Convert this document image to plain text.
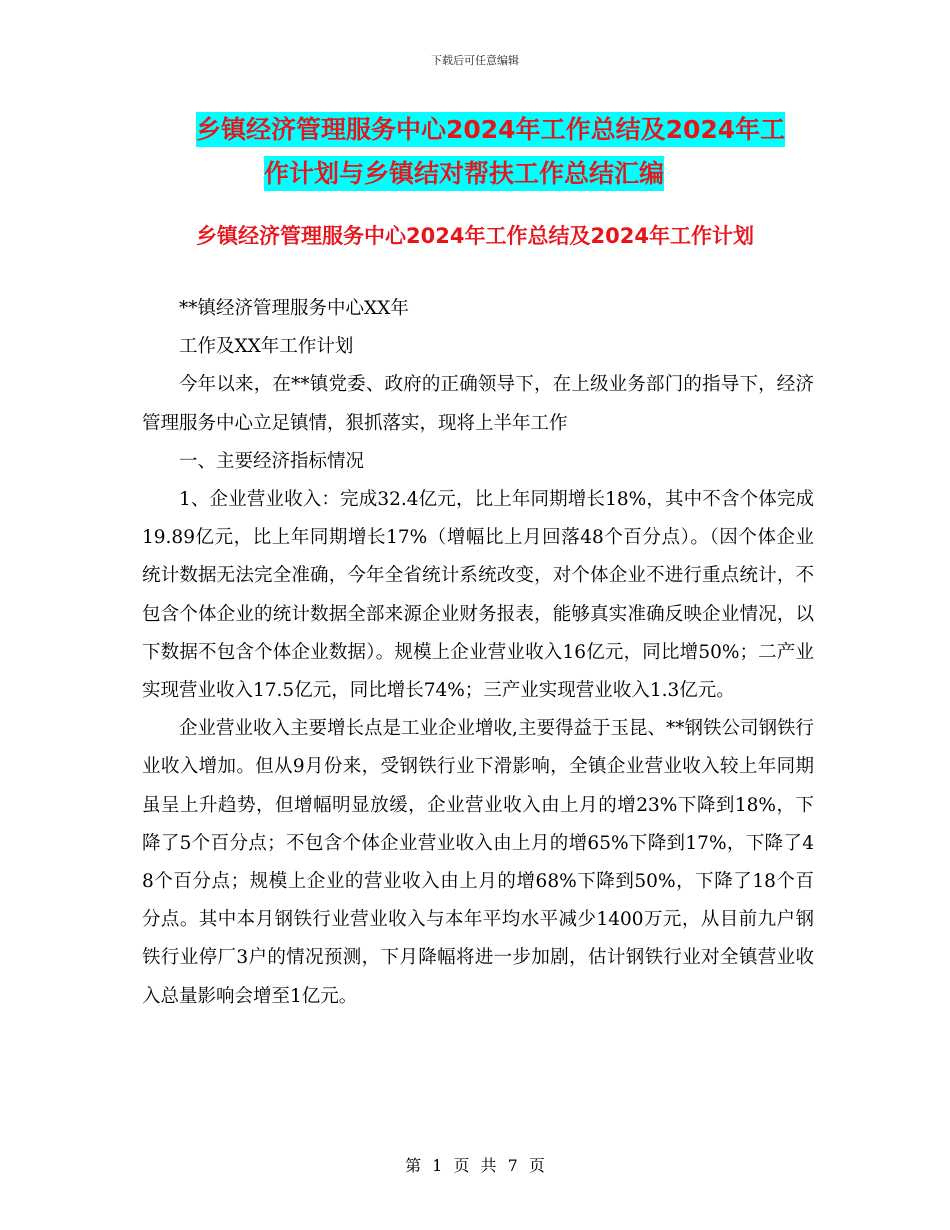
下载后可任意编辑
乡镇经济管理服务中心2024年工作总结及2024年工
作计划与乡镇结对帮扶工作总结汇编
乡镇经济管理服务中心2024年工作总结及2024年工作计划

**镇经济管理服务中心XX年

工作及XX年工作计划

今年以来，在**镇党委、政府的正确领导下，在上级业务部门的指导下，经济管理服务中心立足镇情，狠抓落实，现将上半年工作

一、主要经济指标情况

1、企业营业收入：完成32.4亿元，比上年同期增长18%，其中不含个体完成19.89亿元，比上年同期增长17%（增幅比上月回落48个百分点）。（因个体企业统计数据无法完全准确，今年全省统计系统改变，对个体企业不进行重点统计，不包含个体企业的统计数据全部来源企业财务报表，能够真实准确反映企业情况，以下数据不包含个体企业数据）。规模上企业营业收入16亿元，同比增50%；二产业实现营业收入17.5亿元，同比增长74%；三产业实现营业收入1.3亿元。

企业营业收入主要增长点是工业企业增收,主要得益于玉昆、**钢铁公司钢铁行业收入增加。但从9月份来，受钢铁行业下滑影响，全镇企业营业收入较上年同期虽呈上升趋势，但增幅明显放缓，企业营业收入由上月的增23%下降到18%，下降了5个百分点；不包含个体企业营业收入由上月的增65%下降到17%，下降了48个百分点；规模上企业的营业收入由上月的增68%下降到50%，下降了18个百分点。其中本月钢铁行业营业收入与本年平均水平减少1400万元，从目前九户钢铁行业停厂3户的情况预测，下月降幅将进一步加剧，估计钢铁行业对全镇营业收入总量影响会增至1亿元。

第 1 页 共 7 页
